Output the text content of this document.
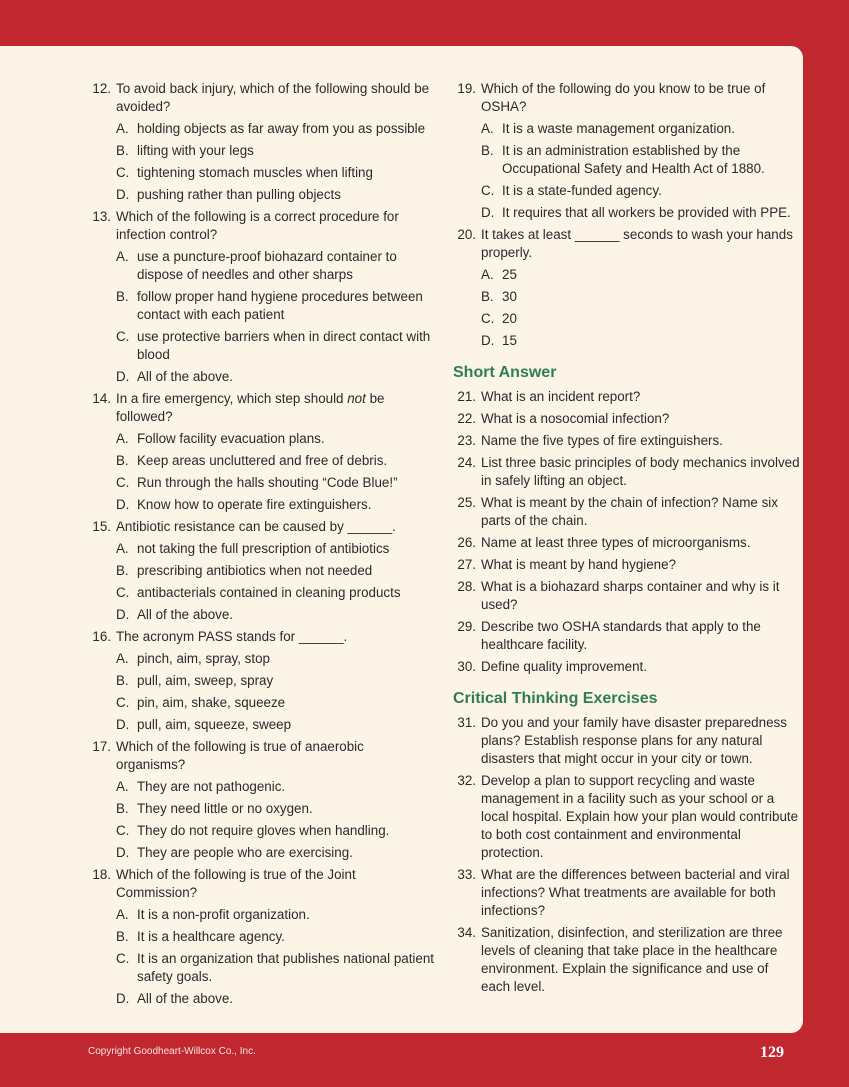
12. To avoid back injury, which of the following should be avoided?
A. holding objects as far away from you as possible
B. lifting with your legs
C. tightening stomach muscles when lifting
D. pushing rather than pulling objects
13. Which of the following is a correct procedure for infection control?
A. use a puncture-proof biohazard container to dispose of needles and other sharps
B. follow proper hand hygiene procedures between contact with each patient
C. use protective barriers when in direct contact with blood
D. All of the above.
14. In a fire emergency, which step should not be followed?
A. Follow facility evacuation plans.
B. Keep areas uncluttered and free of debris.
C. Run through the halls shouting “Code Blue!”
D. Know how to operate fire extinguishers.
15. Antibiotic resistance can be caused by ______.
A. not taking the full prescription of antibiotics
B. prescribing antibiotics when not needed
C. antibacterials contained in cleaning products
D. All of the above.
16. The acronym PASS stands for ______.
A. pinch, aim, spray, stop
B. pull, aim, sweep, spray
C. pin, aim, shake, squeeze
D. pull, aim, squeeze, sweep
17. Which of the following is true of anaerobic organisms?
A. They are not pathogenic.
B. They need little or no oxygen.
C. They do not require gloves when handling.
D. They are people who are exercising.
18. Which of the following is true of the Joint Commission?
A. It is a non-profit organization.
B. It is a healthcare agency.
C. It is an organization that publishes national patient safety goals.
D. All of the above.
19. Which of the following do you know to be true of OSHA?
A. It is a waste management organization.
B. It is an administration established by the Occupational Safety and Health Act of 1880.
C. It is a state-funded agency.
D. It requires that all workers be provided with PPE.
20. It takes at least ______ seconds to wash your hands properly.
A. 25
B. 30
C. 20
D. 15
Short Answer
21. What is an incident report?
22. What is a nosocomial infection?
23. Name the five types of fire extinguishers.
24. List three basic principles of body mechanics involved in safely lifting an object.
25. What is meant by the chain of infection? Name six parts of the chain.
26. Name at least three types of microorganisms.
27. What is meant by hand hygiene?
28. What is a biohazard sharps container and why is it used?
29. Describe two OSHA standards that apply to the healthcare facility.
30. Define quality improvement.
Critical Thinking Exercises
31. Do you and your family have disaster preparedness plans? Establish response plans for any natural disasters that might occur in your city or town.
32. Develop a plan to support recycling and waste management in a facility such as your school or a local hospital. Explain how your plan would contribute to both cost containment and environmental protection.
33. What are the differences between bacterial and viral infections? What treatments are available for both infections?
34. Sanitization, disinfection, and sterilization are three levels of cleaning that take place in the healthcare environment. Explain the significance and use of each level.
Copyright Goodheart-Willcox Co., Inc.	129
